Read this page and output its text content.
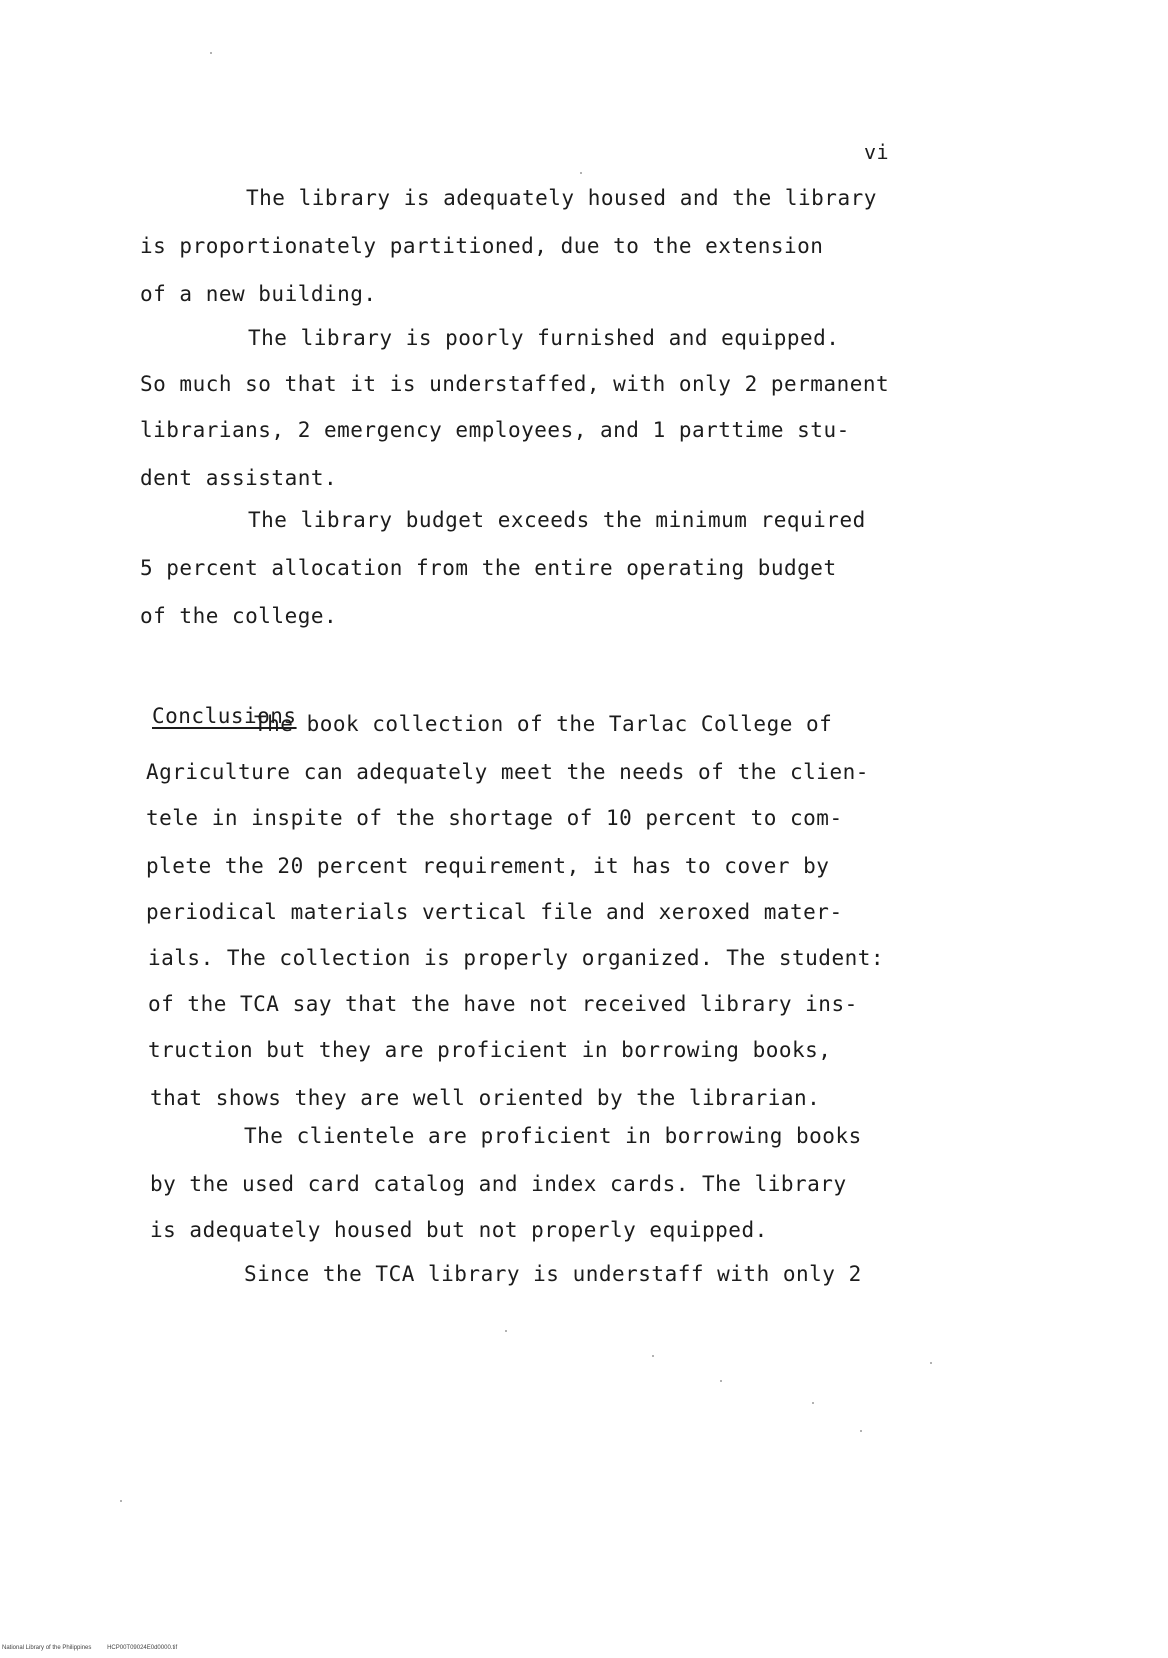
vi
The library is adequately housed and the library
is proportionately partitioned, due to the extension
of a new building.
The library is poorly furnished and equipped.
So much so that it is understaffed, with only 2 permanent
librarians, 2 emergency employees, and 1 parttime stu-
dent assistant.
The library budget exceeds the minimum required
5 percent allocation from the entire operating budget
of the college.
Conclusions
The book collection of the Tarlac College of
Agriculture can adequately meet the needs of the clien-
tele in inspite of the shortage of 10 percent to com-
plete the 20 percent requirement, it has to cover by
periodical materials vertical file and xeroxed mater-
ials. The collection is properly organized. The student:
of the TCA say that the have not received library ins-
truction but they are proficient in borrowing books,
that shows they are well oriented by the librarian.
The clientele are proficient in borrowing books
by the used card catalog and index cards. The library
is adequately housed but not properly equipped.
Since the TCA library is understaff with only 2
National Library of the Philippines	HCP00T09024E0d0000.tif
